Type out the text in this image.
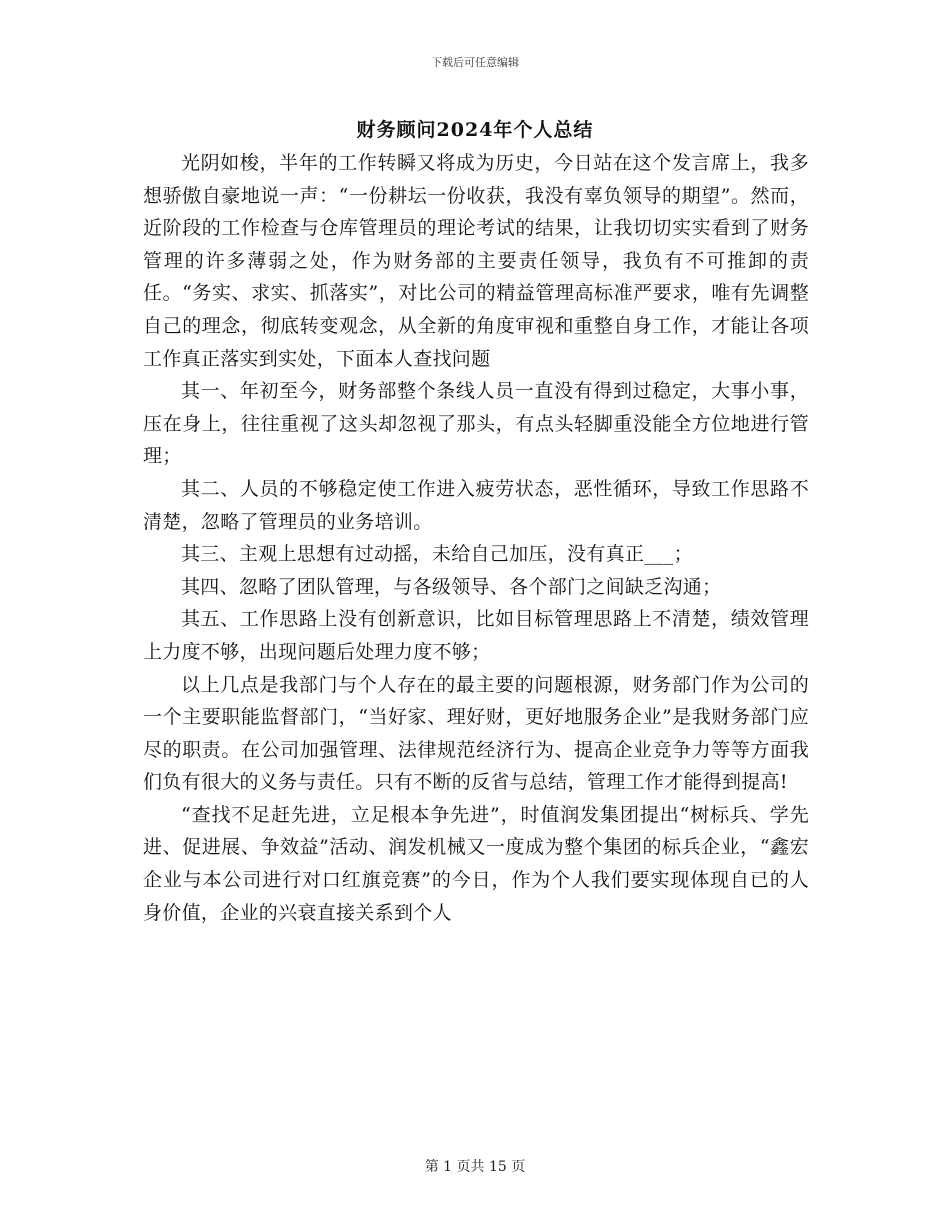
下载后可任意编辑
财务顾问2024年个人总结

光阴如梭，半年的工作转瞬又将成为历史，今日站在这个发言席上，我多想骄傲自豪地说一声：“一份耕坛一份收获，我没有辜负领导的期望”。然而，近阶段的工作检查与仓库管理员的理论考试的结果，让我切切实实看到了财务管理的许多薄弱之处，作为财务部的主要责任领导，我负有不可推卸的责任。“务实、求实、抓落实”，对比公司的精益管理高标准严要求，唯有先调整自己的理念，彻底转变观念，从全新的角度审视和重整自身工作，才能让各项工作真正落实到实处，下面本人查找问题

其一、年初至今，财务部整个条线人员一直没有得到过稳定，大事小事，压在身上，往往重视了这头却忽视了那头，有点头轻脚重没能全方位地进行管理；

其二、人员的不够稳定使工作进入疲劳状态，恶性循环，导致工作思路不清楚，忽略了管理员的业务培训。

其三、主观上思想有过动摇，未给自己加压，没有真正___；

其四、忽略了团队管理，与各级领导、各个部门之间缺乏沟通；

其五、工作思路上没有创新意识，比如目标管理思路上不清楚，绩效管理上力度不够，出现问题后处理力度不够；

以上几点是我部门与个人存在的最主要的问题根源，财务部门作为公司的一个主要职能监督部门，“当好家、理好财，更好地服务企业”是我财务部门应尽的职责。在公司加强管理、法律规范经济行为、提高企业竞争力等等方面我们负有很大的义务与责任。只有不断的反省与总结，管理工作才能得到提高!

“查找不足赶先进，立足根本争先进”，时值润发集团提出“树标兵、学先进、促进展、争效益”活动、润发机械又一度成为整个集团的标兵企业，“鑫宏企业与本公司进行对口红旗竞赛”的今日，作为个人我们要实现体现自已的人身价值，企业的兴衰直接关系到个人

第 1 页共 15 页
